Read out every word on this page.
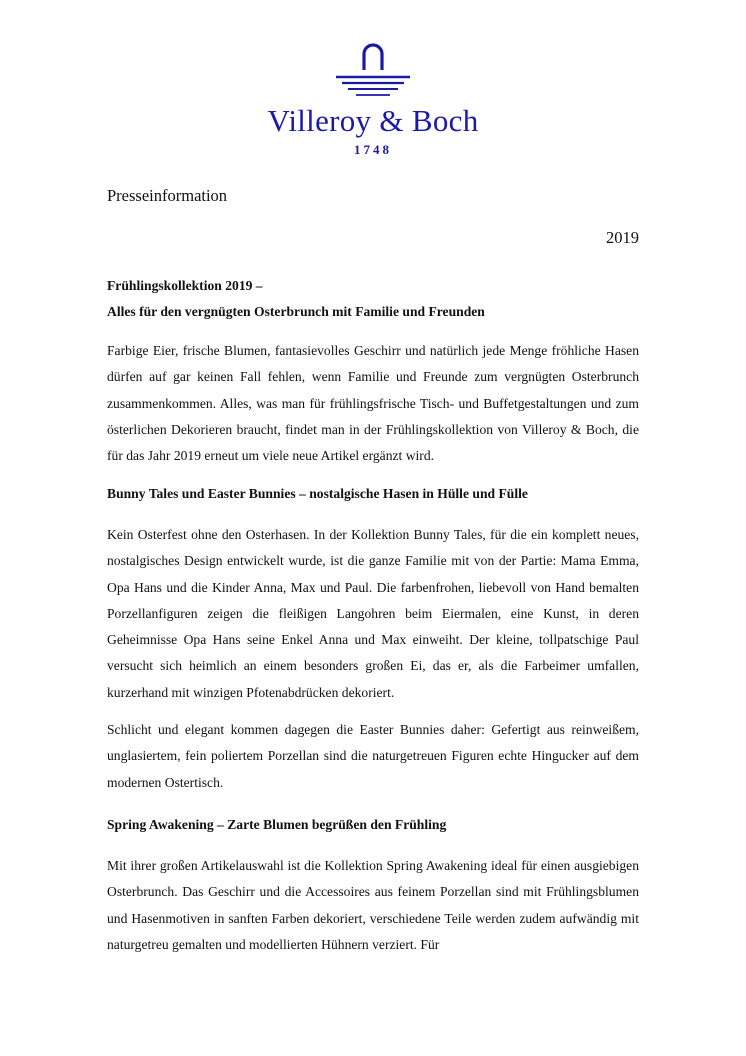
Villeroy & Boch
1748
Presseinformation
2019
Frühlingskollektion 2019 –
Alles für den vergnügten Osterbrunch mit Familie und Freunden

Farbige Eier, frische Blumen, fantasievolles Geschirr und natürlich jede Menge fröhliche Hasen dürfen auf gar keinen Fall fehlen, wenn Familie und Freunde zum vergnügten Osterbrunch zusammenkommen. Alles, was man für frühlingsfrische Tisch- und Buffetgestaltungen und zum österlichen Dekorieren braucht, findet man in der Frühlingskollektion von Villeroy & Boch, die für das Jahr 2019 erneut um viele neue Artikel ergänzt wird.

Bunny Tales und Easter Bunnies – nostalgische Hasen in Hülle und Fülle

Kein Osterfest ohne den Osterhasen. In der Kollektion Bunny Tales, für die ein komplett neues, nostalgisches Design entwickelt wurde, ist die ganze Familie mit von der Partie: Mama Emma, Opa Hans und die Kinder Anna, Max und Paul. Die farbenfrohen, liebevoll von Hand bemalten Porzellanfiguren zeigen die fleißigen Langohren beim Eiermalen, eine Kunst, in deren Geheimnisse Opa Hans seine Enkel Anna und Max einweiht. Der kleine, tollpatschige Paul versucht sich heimlich an einem besonders großen Ei, das er, als die Farbeimer umfallen, kurzerhand mit winzigen Pfotenabdrücken dekoriert.

Schlicht und elegant kommen dagegen die Easter Bunnies daher: Gefertigt aus reinweißem, unglasiertem, fein poliertem Porzellan sind die naturgetreuen Figuren echte Hingucker auf dem modernen Ostertisch.

Spring Awakening – Zarte Blumen begrüßen den Frühling

Mit ihrer großen Artikelauswahl ist die Kollektion Spring Awakening ideal für einen ausgiebigen Osterbrunch. Das Geschirr und die Accessoires aus feinem Porzellan sind mit Frühlingsblumen und Hasenmotiven in sanften Farben dekoriert, verschiedene Teile werden zudem aufwändig mit naturgetreu gemalten und modellierten Hühnern verziert. Für
